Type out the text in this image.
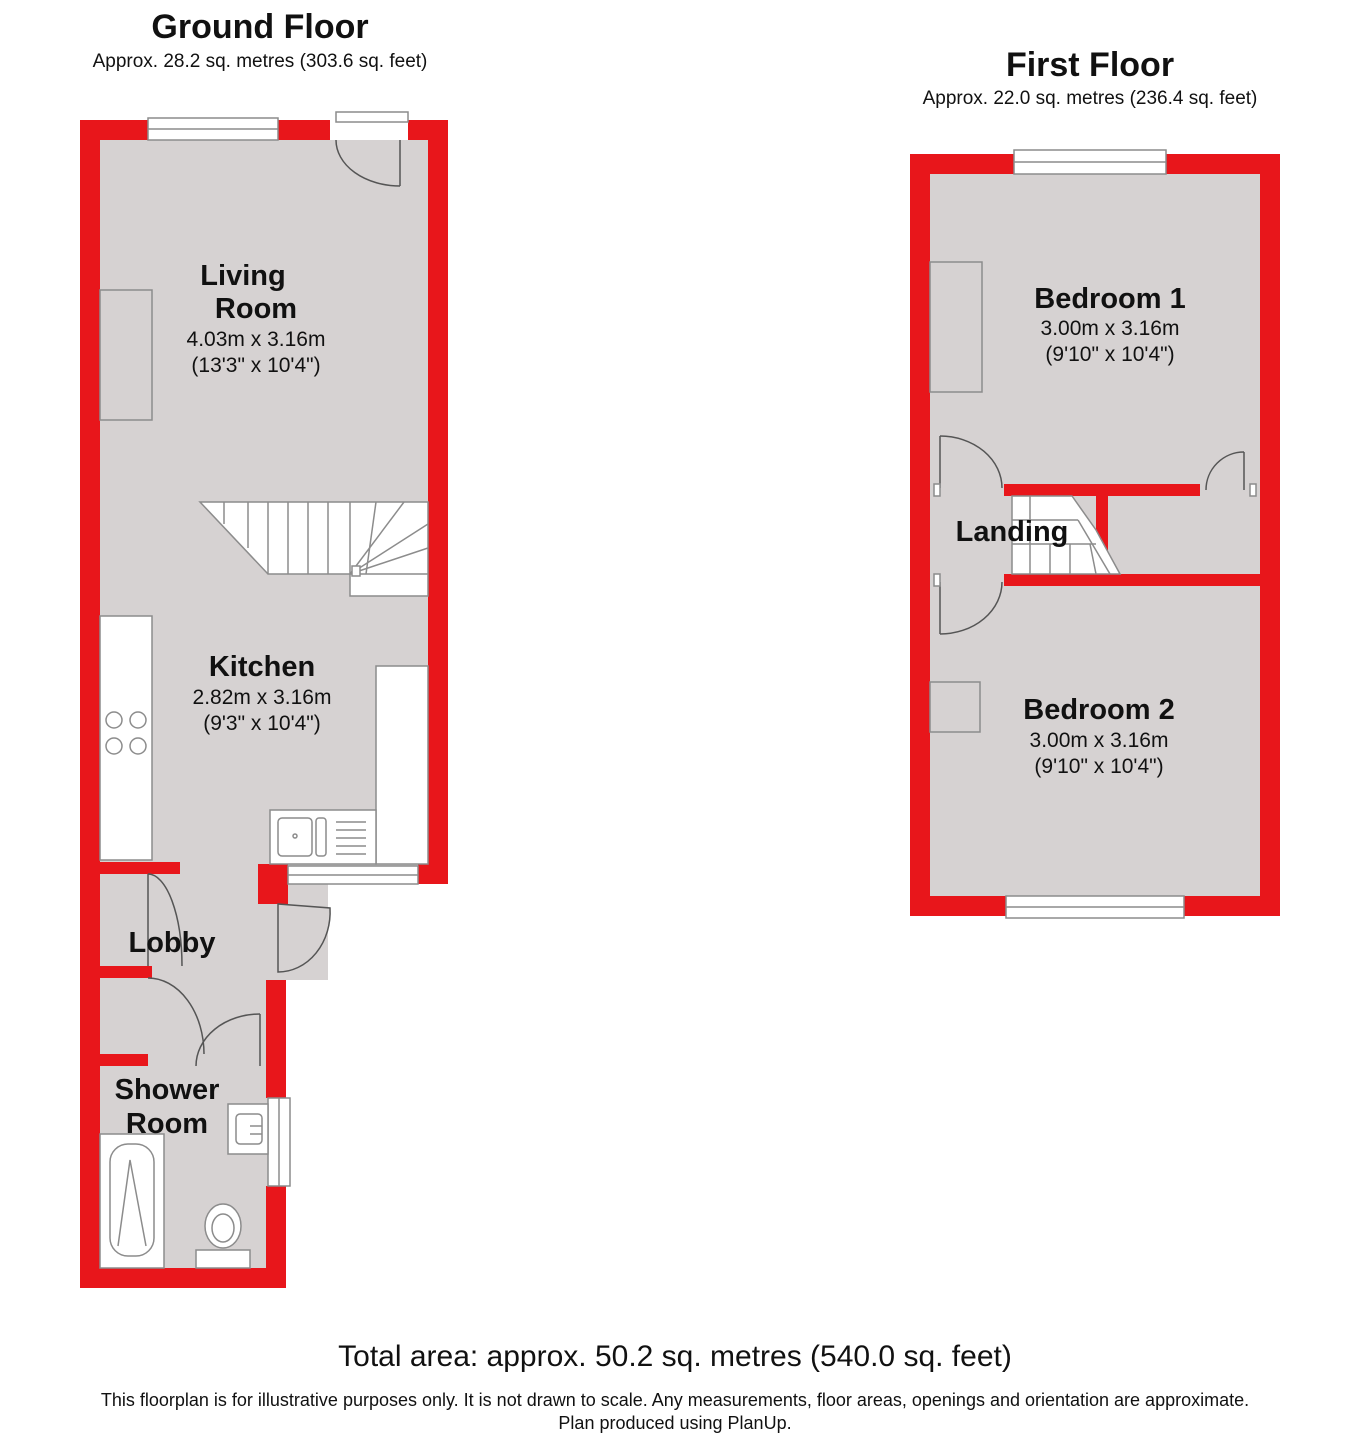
Ground Floor
Approx. 28.2 sq. metres (303.6 sq. feet)	First Floor
Approx. 22.0 sq. metres (236.4 sq. feet)
Living
Room
4.03m x 3.16m
(13'3" x 10'4")
Kitchen
2.82m x 3.16m
(9'3" x 10'4")
Lobby
Shower
Room
Bedroom 1
3.00m x 3.16m
(9'10" x 10'4")
Landing
Bedroom 2
3.00m x 3.16m
(9'10" x 10'4")
Total area: approx. 50.2 sq. metres (540.0 sq. feet)
This floorplan is for illustrative purposes only. It is not drawn to scale. Any measurements, floor areas, openings and orientation are approximate.
Plan produced using PlanUp.
